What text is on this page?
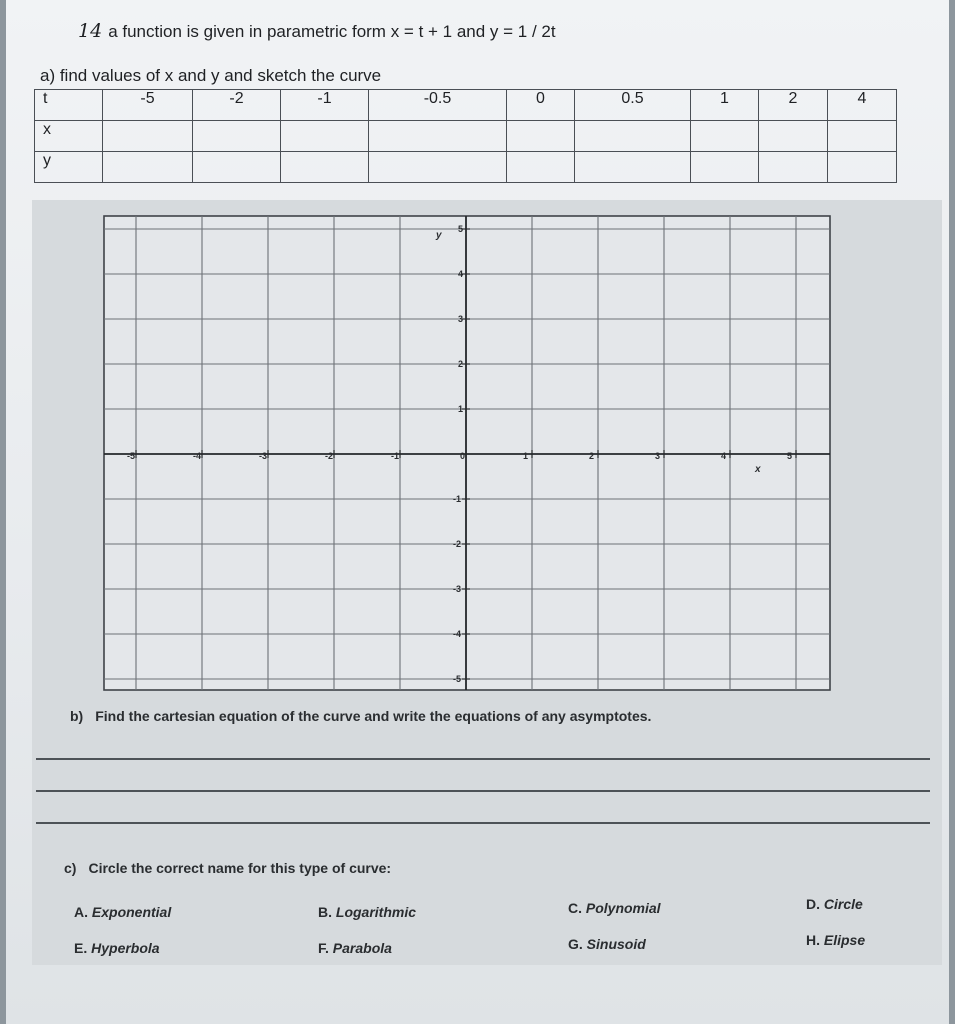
14 a function is given in parametric form x = t + 1 and y = 1 / 2t
a) find values of x and y and sketch the curve
t	-5	-2	-1	-0.5	0	0.5	1	2	4
x									
y									
-5	-4	-3	-2	-1	0	1	2	3	4	5
5
4
3
2
1
-1
-2
-3
-4
-5
y
x
b) Find the cartesian equation of the curve and write the equations of any asymptotes.
c) Circle the correct name for this type of curve:
A. Exponential	B. Logarithmic	C. Polynomial	D. Circle
E. Hyperbola	F. Parabola	G. Sinusoid	H. Elipse
